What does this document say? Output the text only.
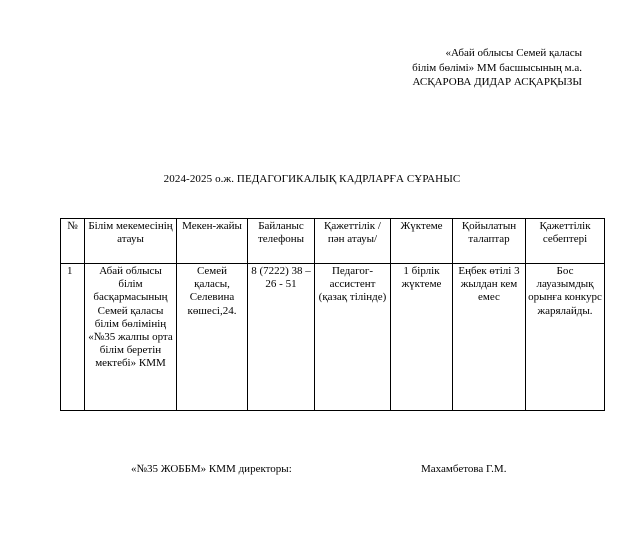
«Абай облысы Семей қаласы
білім бөлімі» ММ басшысының м.а.
АСҚАРОВА ДИДАР АСҚАРҚЫЗЫ
2024-2025 о.ж. ПЕДАГОГИКАЛЫҚ КАДРЛАРҒА СҰРАНЫС
№	Білім мекемесінің атауы	Мекен-жайы	Байланыс телефоны	Қажеттілік /пән атауы/	Жүктеме	Қойылатын талаптар	Қажеттілік себептері
1	Абай облысы білім басқармасының Семей қаласы білім бөлімінің «№35 жалпы орта білім беретін мектебі» КММ	Семей қаласы, Селевина көшесі,24.	8 (7222) 38 – 26 - 51	Педагог-ассистент (қазақ тілінде)	1 бірлік жүктеме	Еңбек өтілі 3 жылдан кем емес	Бос лауазымдық орынға конкурс жарялайды.
«№35 ЖОББМ» КММ директоры:	Махамбетова Г.М.
